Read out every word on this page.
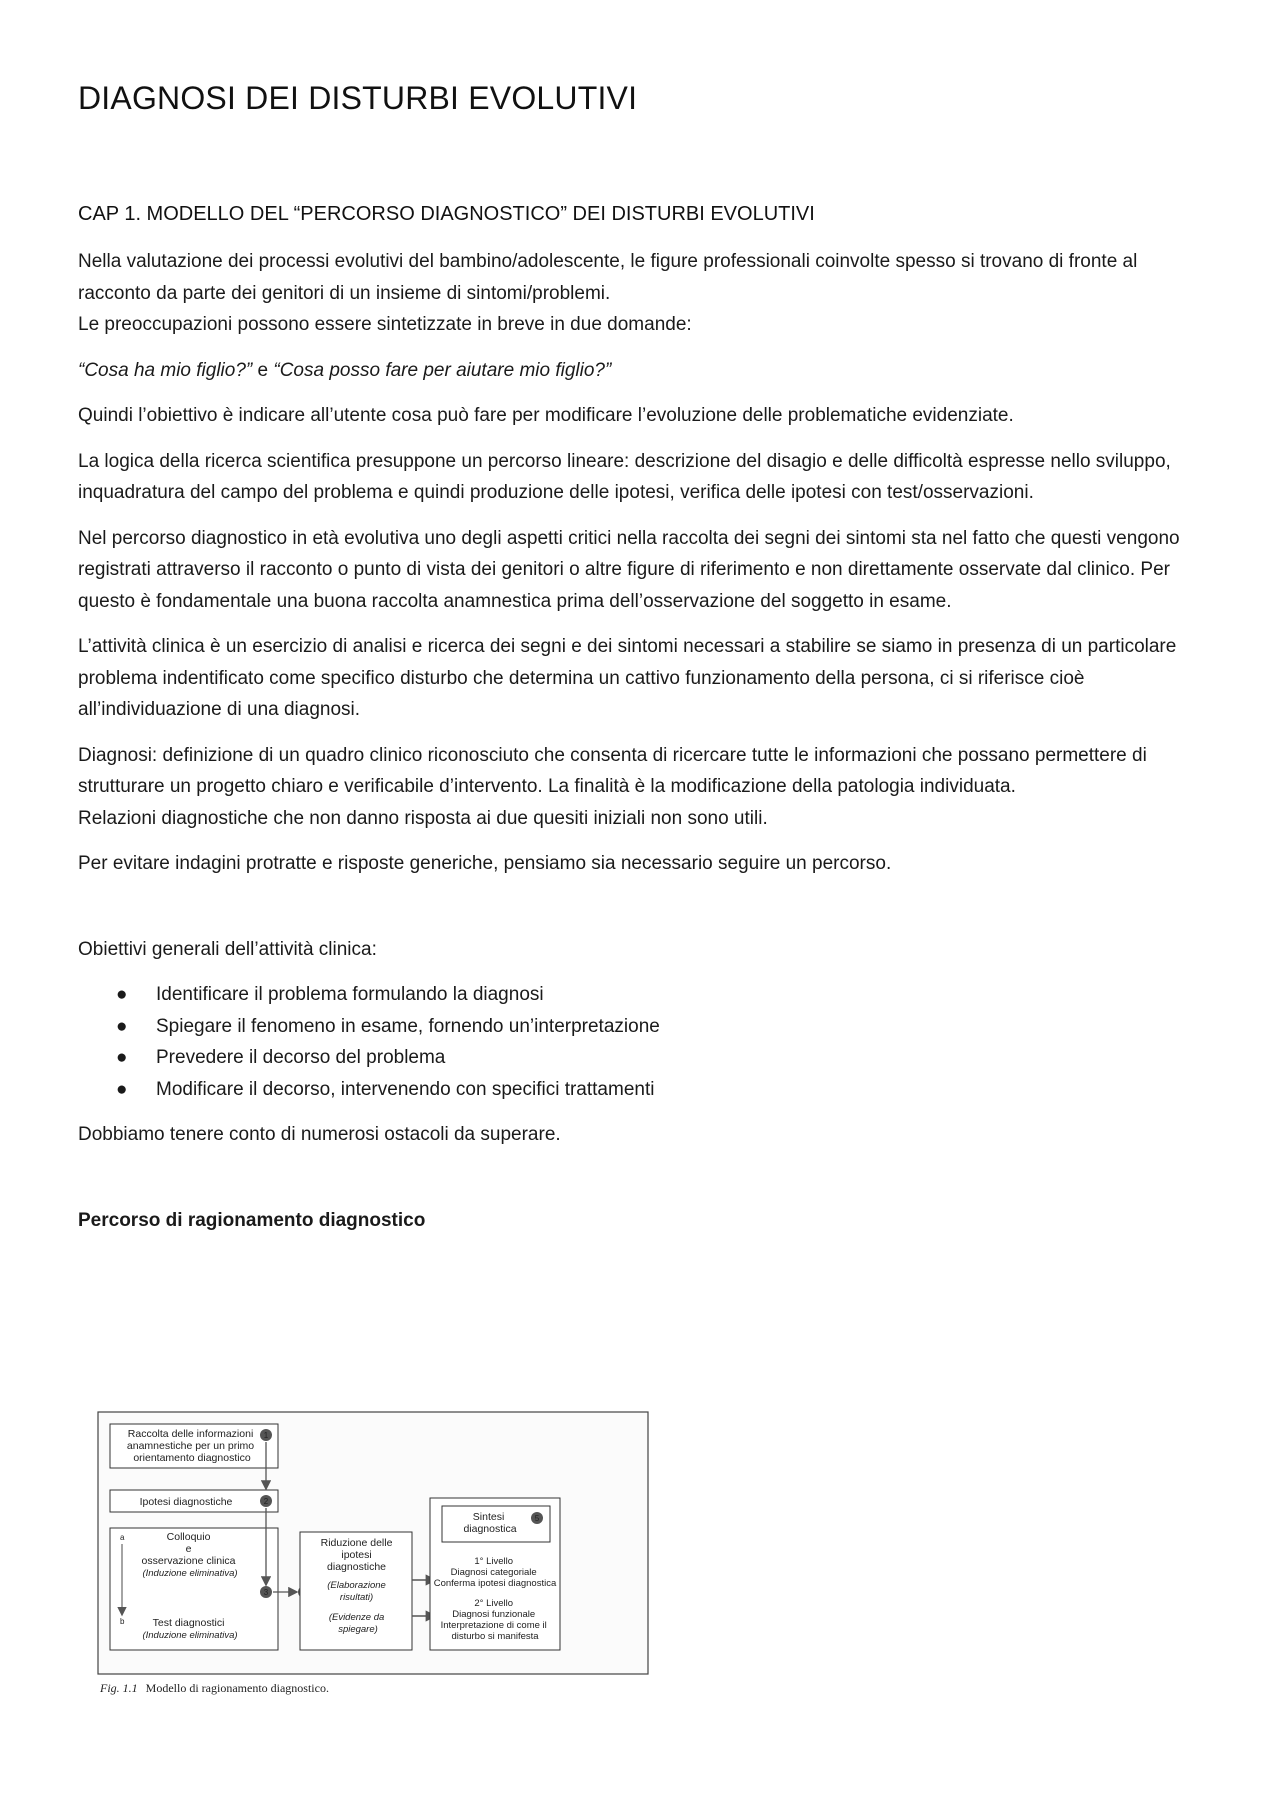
DIAGNOSI DEI DISTURBI EVOLUTIVI
CAP 1. MODELLO DEL “PERCORSO DIAGNOSTICO” DEI DISTURBI EVOLUTIVI

Nella valutazione dei processi evolutivi del bambino/adolescente, le figure professionali coinvolte spesso si trovano di fronte al racconto da parte dei genitori di un insieme di sintomi/problemi.

Le preoccupazioni possono essere sintetizzate in breve in due domande:

“Cosa ha mio figlio?” e “Cosa posso fare per aiutare mio figlio?”

Quindi l’obiettivo è indicare all’utente cosa può fare per modificare l’evoluzione delle problematiche evidenziate.

La logica della ricerca scientifica presuppone un percorso lineare: descrizione del disagio e delle difficoltà espresse nello sviluppo, inquadratura del campo del problema e quindi produzione delle ipotesi, verifica delle ipotesi con test/osservazioni.

Nel percorso diagnostico in età evolutiva uno degli aspetti critici nella raccolta dei segni dei sintomi sta nel fatto che questi vengono registrati attraverso il racconto o punto di vista dei genitori o altre figure di riferimento e non direttamente osservate dal clinico. Per questo è fondamentale una buona raccolta anamnestica prima dell’osservazione del soggetto in esame.

L’attività clinica è un esercizio di analisi e ricerca dei segni e dei sintomi necessari a stabilire se siamo in presenza di un particolare problema indentificato come specifico disturbo che determina un cattivo funzionamento della persona, ci si riferisce cioè all’individuazione di una diagnosi.

Diagnosi: definizione di un quadro clinico riconosciuto che consenta di ricercare tutte le informazioni che possano permettere di strutturare un progetto chiaro e verificabile d’intervento. La finalità è la modificazione della patologia individuata.

Relazioni diagnostiche che non danno risposta ai due quesiti iniziali non sono utili.

Per evitare indagini protratte e risposte generiche, pensiamo sia necessario seguire un percorso.

Obiettivi generali dell’attività clinica:

● Identificare il problema formulando la diagnosi
● Spiegare il fenomeno in esame, fornendo un’interpretazione
● Prevedere il decorso del problema
● Modificare il decorso, intervenendo con specifici trattamenti

Dobbiamo tenere conto di numerosi ostacoli da superare.

Percorso di ragionamento diagnostico

Raccolta delle informazioni anamnestiche per un primo orientamento diagnostico
1
Ipotesi diagnostiche	2
a
b
Colloquio e osservazione clinica (Induzione eliminativa)
Test diagnostici (Induzione eliminativa)
3
Riduzione delle ipotesi diagnostiche (Elaborazione risultati) (Evidenze da spiegare)
Sintesi diagnostica
5
1° Livello Diagnosi categoriale Conferma ipotesi diagnostica
2° Livello Diagnosi funzionale Interpretazione di come il disturbo si manifesta
Fig. 1.1 Modello di ragionamento diagnostico.
